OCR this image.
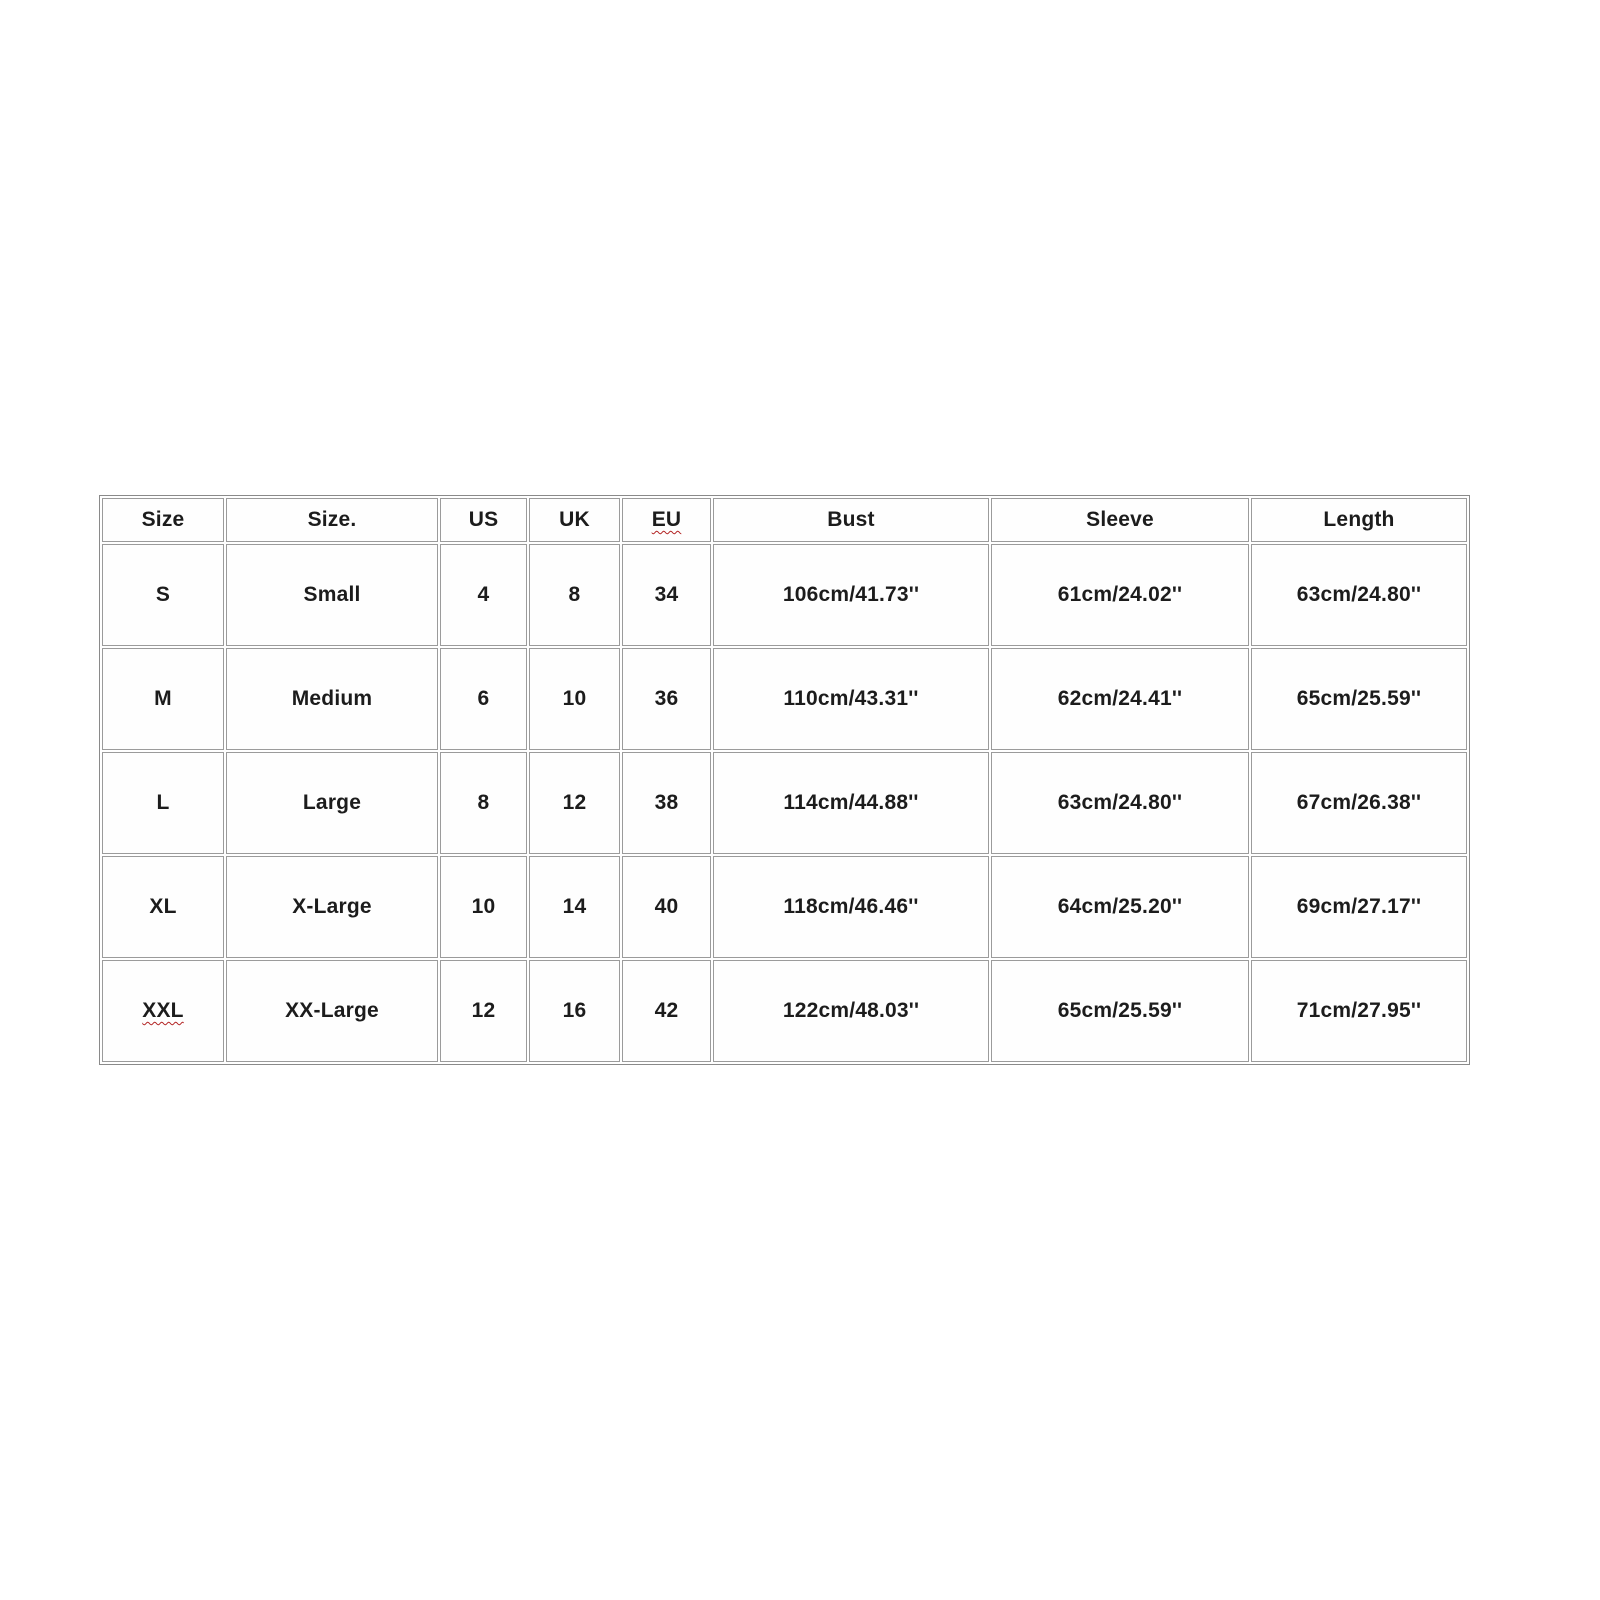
Size	Size.	US	UK	EU	Bust	Sleeve	Length
S	Small	4	8	34	106cm/41.73''	61cm/24.02''	63cm/24.80''
M	Medium	6	10	36	110cm/43.31''	62cm/24.41''	65cm/25.59''
L	Large	8	12	38	114cm/44.88''	63cm/24.80''	67cm/26.38''
XL	X-Large	10	14	40	118cm/46.46''	64cm/25.20''	69cm/27.17''
XXL	XX-Large	12	16	42	122cm/48.03''	65cm/25.59''	71cm/27.95''
